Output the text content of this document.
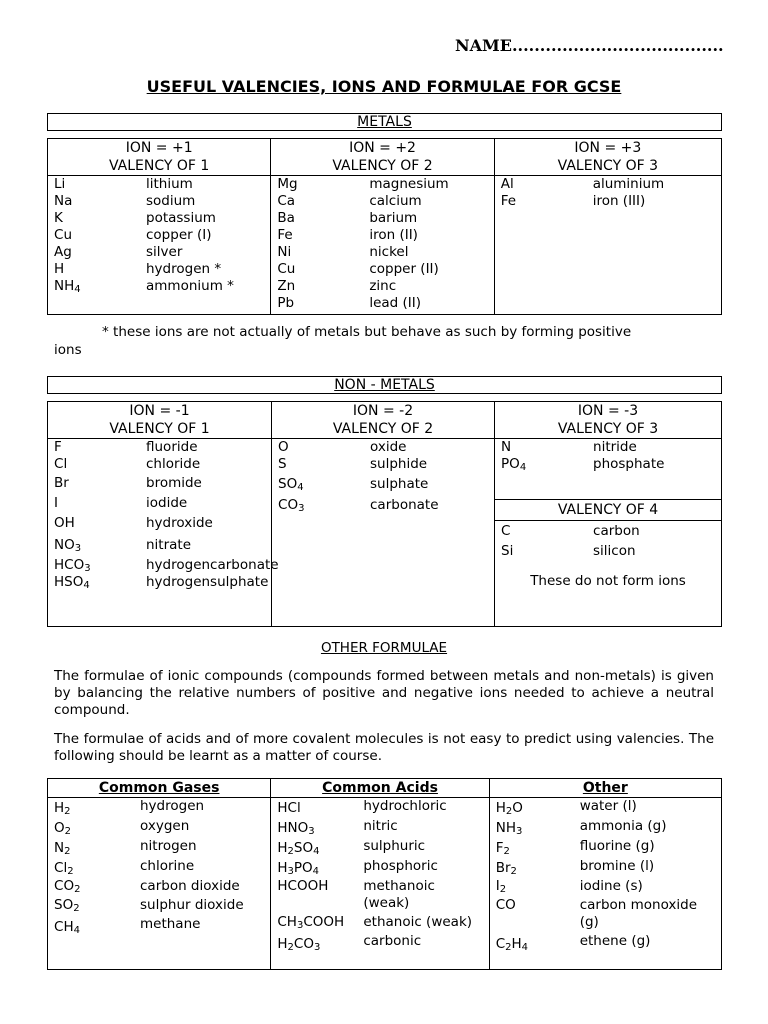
NAME......................................
USEFUL VALENCIES, IONS AND FORMULAE FOR GCSE
METALS
ION = +1
VALENCY OF 1
Li	lithium
Na	sodium
K	potassium
Cu	copper (I)
Ag	silver
H	hydrogen *
$NH_4$	ammonium *
ION = +2
VALENCY OF 2
Mg	magnesium
Ca	calcium
Ba	barium
Fe	iron (II)
Ni	nickel
Cu	copper (II)
Zn	zinc
Pb	lead (II)
ION = +3
VALENCY OF 3
Al	aluminium
Fe	iron (III)
* these ions are not actually of metals but behave as such by forming positive ions
NON - METALS
ION = -1
VALENCY OF 1
F	fluoride
Cl	chloride
Br	bromide
I	iodide
OH	hydroxide
$NO_3$	nitrate
$HCO_3$	hydrogencarbonate
$HSO_4$	hydrogensulphate
ION = -2
VALENCY OF 2
O	oxide
S	sulphide
$SO_4$	sulphate
$CO_3$	carbonate
ION = -3
VALENCY OF 3
N	nitride
$PO_4$	phosphate
VALENCY OF 4
C	carbon
Si	silicon
These do not form ions
OTHER FORMULAE
The formulae of ionic compounds (compounds formed between metals and non-metals) is given by balancing the relative numbers of positive and negative ions needed to achieve a neutral compound.
The formulae of acids and of more covalent molecules is not easy to predict using valencies. The following should be learnt as a matter of course.
Common Gases
$H_2$	hydrogen
$O_2$	oxygen
$N_2$	nitrogen
$Cl_2$	chlorine
$CO_2$	carbon dioxide
$SO_2$	sulphur dioxide
$CH_4$	methane
Common Acids
HCl	hydrochloric
$HNO_3$	nitric
$H_2SO_4$	sulphuric
$H_3PO_4$	phosphoric
HCOOH	methanoic (weak)
$CH_3COOH$	ethanoic (weak)
$H_2CO_3$	carbonic
Other
$H_2O$	water (l)
$NH_3$	ammonia (g)
$F_2$	fluorine (g)
$Br_2$	bromine (l)
$I_2$	iodine (s)
CO	carbon monoxide (g)
$C_2H_4$	ethene (g)
